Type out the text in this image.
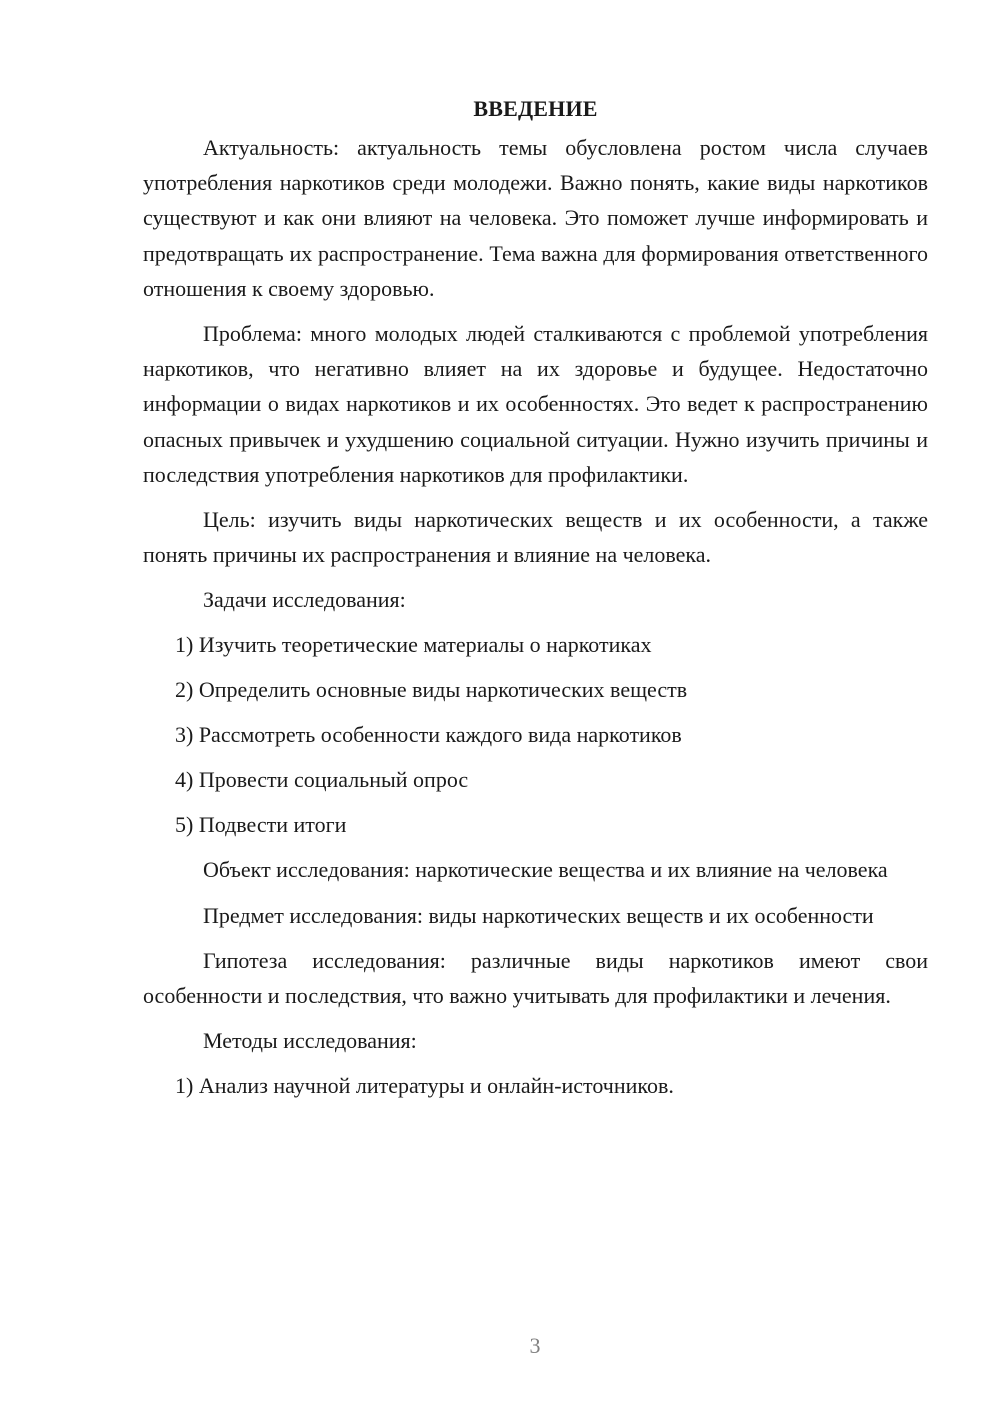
ВВЕДЕНИЕ

Актуальность: актуальность темы обусловлена ростом числа случаев употребления наркотиков среди молодежи. Важно понять, какие виды наркотиков существуют и как они влияют на человека. Это поможет лучше информировать и предотвращать их распространение. Тема важна для формирования ответственного отношения к своему здоровью.

Проблема: много молодых людей сталкиваются с проблемой употребления наркотиков, что негативно влияет на их здоровье и будущее. Недостаточно информации о видах наркотиков и их особенностях. Это ведет к распространению опасных привычек и ухудшению социальной ситуации. Нужно изучить причины и последствия употребления наркотиков для профилактики.

Цель: изучить виды наркотических веществ и их особенности, а также понять причины их распространения и влияние на человека.

Задачи исследования:
1) Изучить теоретические материалы о наркотиках
2) Определить основные виды наркотических веществ
3) Рассмотреть особенности каждого вида наркотиков
4) Провести социальный опрос
5) Подвести итоги

Объект исследования: наркотические вещества и их влияние на человека

Предмет исследования: виды наркотических веществ и их особенности

Гипотеза исследования: различные виды наркотиков имеют свои особенности и последствия, что важно учитывать для профилактики и лечения.

Методы исследования:
1) Анализ научной литературы и онлайн-источников.
3
